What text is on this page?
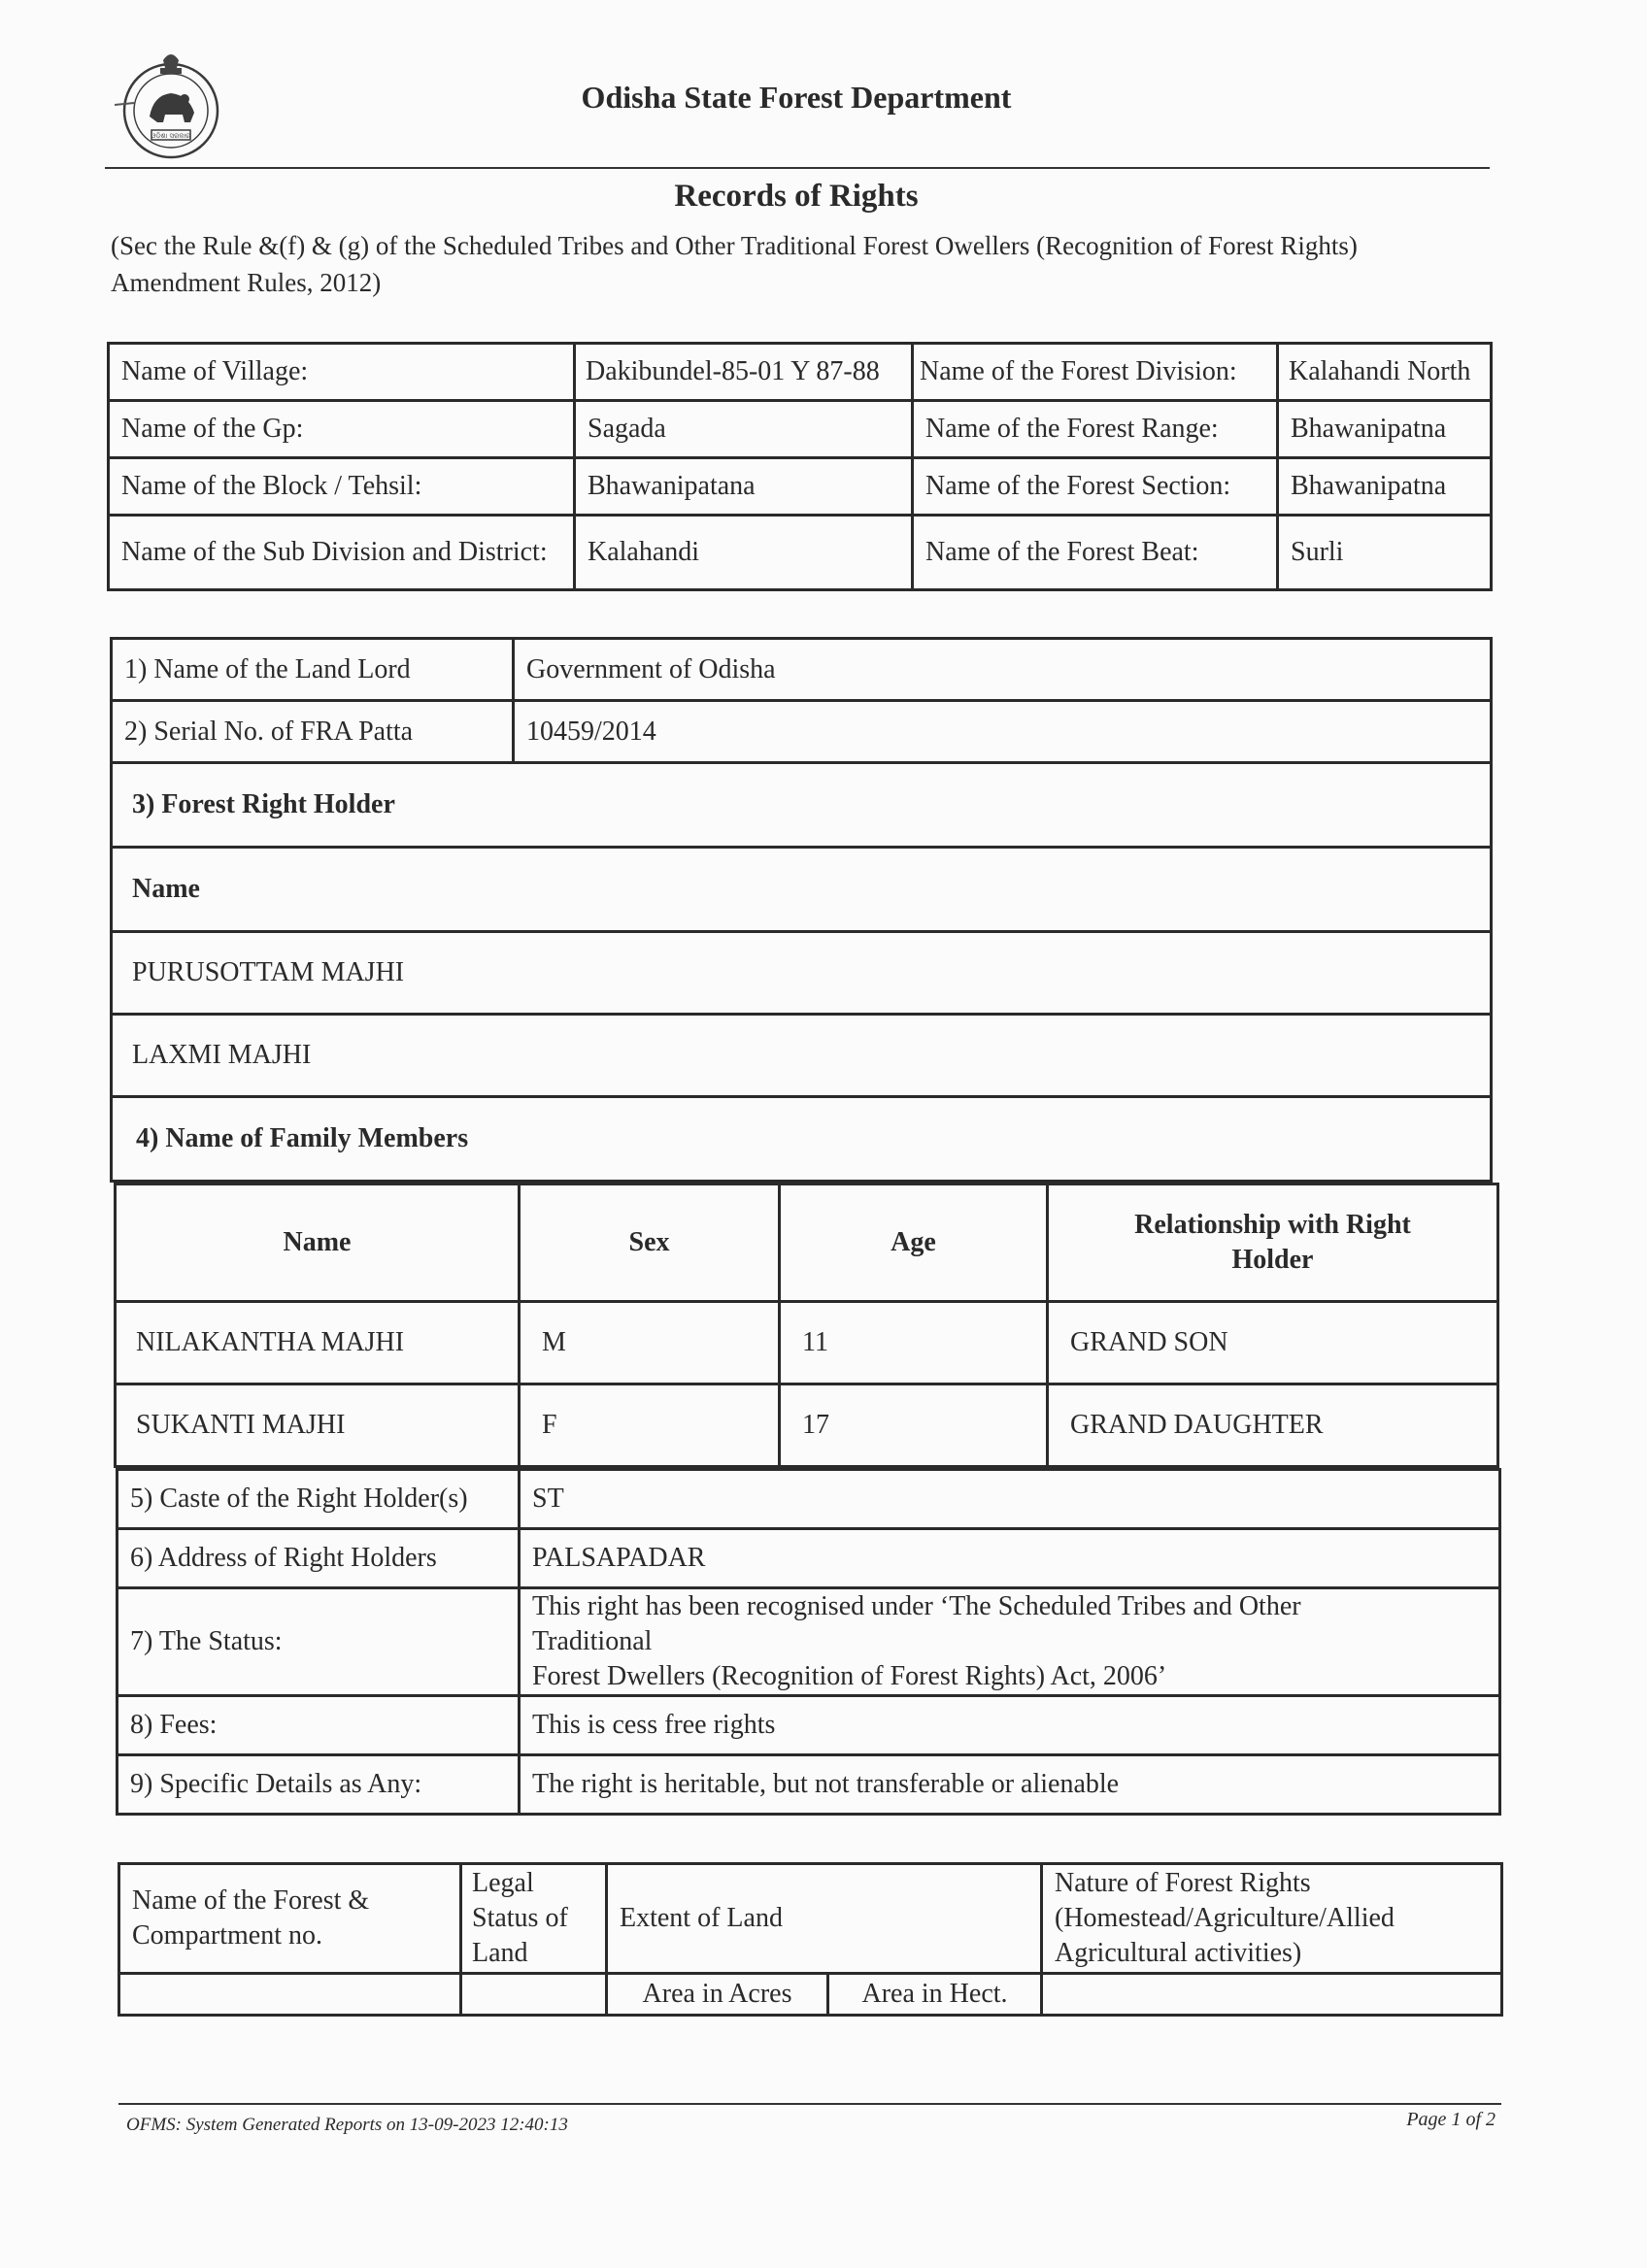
ଓଡ଼ିଶା ସରକାର
Odisha State Forest Department
Records of Rights
(Sec the Rule &(f) & (g) of the Scheduled Tribes and Other Traditional Forest Owellers (Recognition of Forest Rights) Amendment Rules, 2012)
Name of Village:	Dakibundel-85-01 Y 87-88	Name of the Forest Division:	Kalahandi North
Name of the Gp:	Sagada	Name of the Forest Range:	Bhawanipatna
Name of the Block / Tehsil:	Bhawanipatana	Name of the Forest Section:	Bhawanipatna
Name of the Sub Division and District:	Kalahandi	Name of the Forest Beat:	Surli
1) Name of the Land Lord	Government of Odisha
2) Serial No. of FRA Patta	10459/2014
3) Forest Right Holder	
Name	
PURUSOTTAM MAJHI	
LAXMI MAJHI	
4) Name of Family Members	
Name	Sex	Age	Relationship with Right Holder
NILAKANTHA MAJHI	M	11	GRAND SON
SUKANTI MAJHI	F	17	GRAND DAUGHTER
5) Caste of the Right Holder(s)	ST
6) Address of Right Holders	PALSAPADAR
7) The Status:	This right has been recognised under ‘The Scheduled Tribes and Other
Traditional
Forest Dwellers (Recognition of Forest Rights) Act, 2006’

8) Fees:	This is cess free rights
9) Specific Details as Any:	The right is heritable, but not transferable or alienable
Name of the Forest & Compartment no.	Legal Status of Land	Extent of Land		Nature of Forest Rights (Homestead/Agriculture/Allied Agricultural activities)
		Area in Acres	Area in Hect.	
OFMS: System Generated Reports on 13-09-2023 12:40:13	Page 1 of 2
